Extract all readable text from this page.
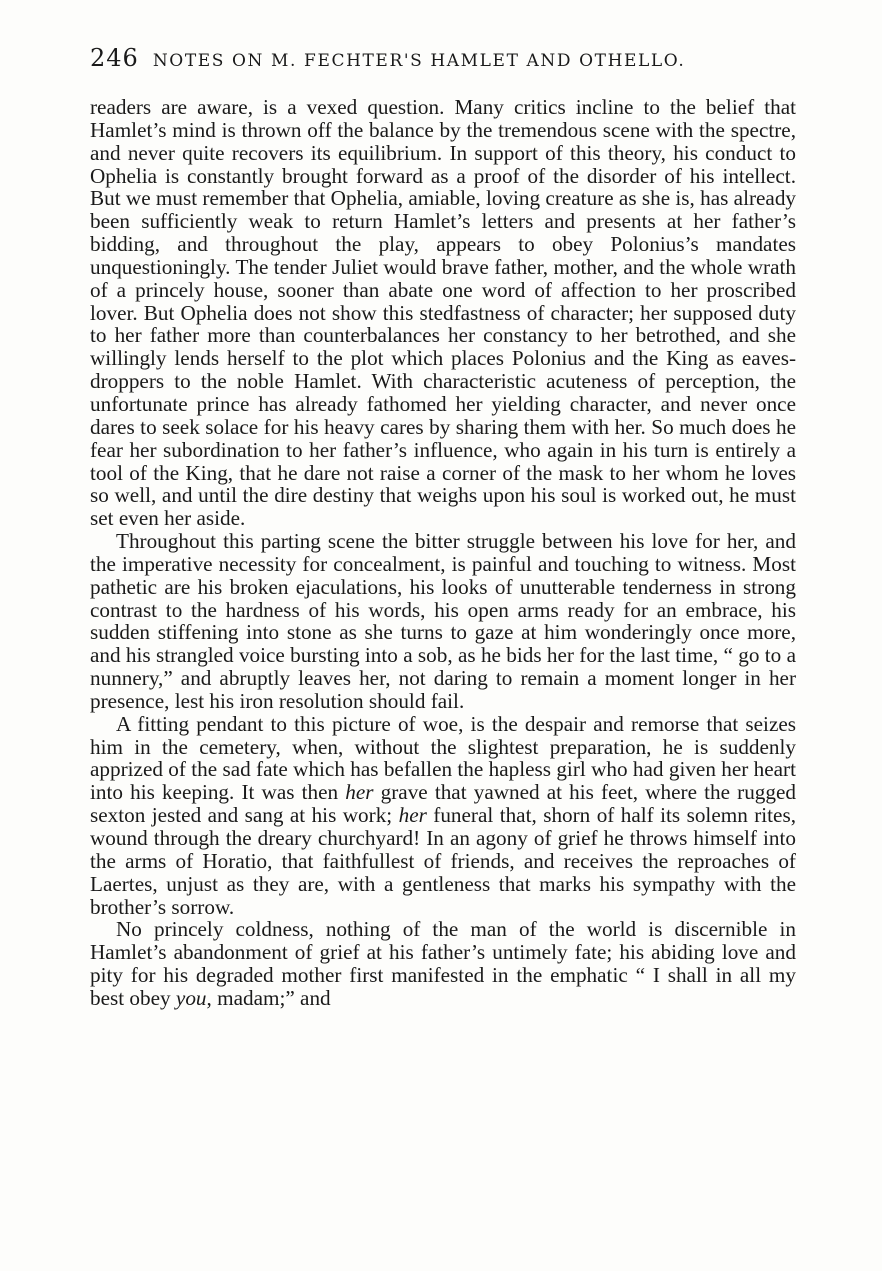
246 NOTES ON M. FECHTER'S HAMLET AND OTHELLO.

readers are aware, is a vexed question. Many critics incline to the belief that Hamlet’s mind is thrown off the balance by the tremendous scene with the spectre, and never quite recovers its equilibrium. In support of this theory, his conduct to Ophelia is constantly brought forward as a proof of the disorder of his intellect. But we must remember that Ophelia, amiable, loving creature as she is, has already been sufficiently weak to return Hamlet’s letters and presents at her father’s bidding, and throughout the play, appears to obey Polonius’s mandates unquestioningly. The tender Juliet would brave father, mother, and the whole wrath of a princely house, sooner than abate one word of affection to her proscribed lover. But Ophelia does not show this stedfastness of character; her supposed duty to her father more than counterbalances her constancy to her betrothed, and she willingly lends herself to the plot which places Polonius and the King as eavesdroppers to the noble Hamlet. With characteristic acuteness of perception, the unfortunate prince has already fathomed her yielding character, and never once dares to seek solace for his heavy cares by sharing them with her. So much does he fear her subordination to her father’s influence, who again in his turn is entirely a tool of the King, that he dare not raise a corner of the mask to her whom he loves so well, and until the dire destiny that weighs upon his soul is worked out, he must set even her aside.

Throughout this parting scene the bitter struggle between his love for her, and the imperative necessity for concealment, is painful and touching to witness. Most pathetic are his broken ejaculations, his looks of unutterable tenderness in strong contrast to the hardness of his words, his open arms ready for an embrace, his sudden stiffening into stone as she turns to gaze at him wonderingly once more, and his strangled voice bursting into a sob, as he bids her for the last time, “ go to a nunnery,” and abruptly leaves her, not daring to remain a moment longer in her presence, lest his iron resolution should fail.

A fitting pendant to this picture of woe, is the despair and remorse that seizes him in the cemetery, when, without the slightest preparation, he is suddenly apprized of the sad fate which has befallen the hapless girl who had given her heart into his keeping. It was then her grave that yawned at his feet, where the rugged sexton jested and sang at his work; her funeral that, shorn of half its solemn rites, wound through the dreary churchyard! In an agony of grief he throws himself into the arms of Horatio, that faithfullest of friends, and receives the reproaches of Laertes, unjust as they are, with a gentleness that marks his sympathy with the brother’s sorrow.

No princely coldness, nothing of the man of the world is discernible in Hamlet’s abandonment of grief at his father’s untimely fate; his abiding love and pity for his degraded mother first manifested in the emphatic “ I shall in all my best obey you, madam;” and
